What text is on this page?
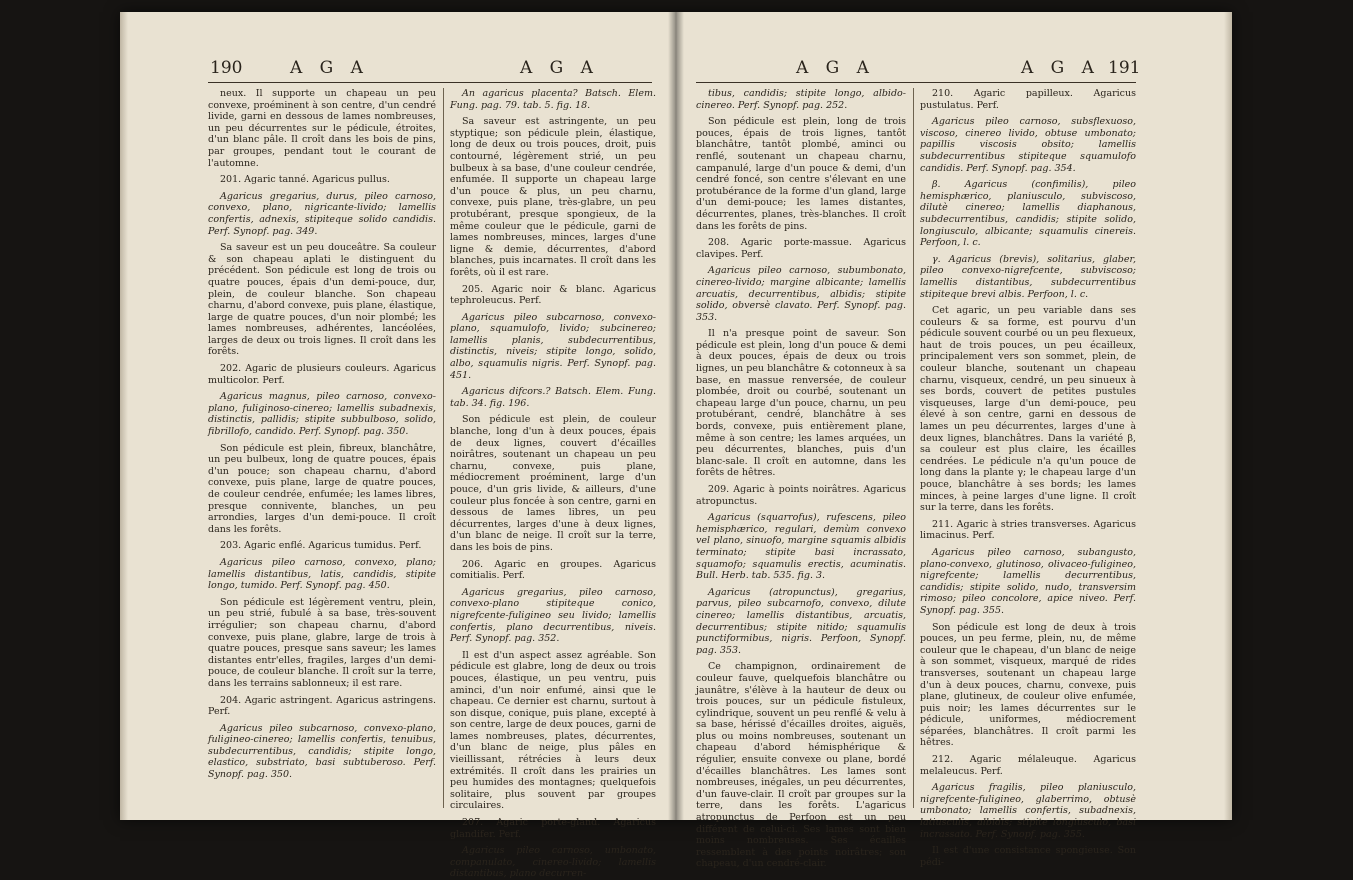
190	A G A	A G A

neux. Il supporte un chapeau un peu convexe, proéminent à son centre, d'un cendré livide, garni en dessous de lames nombreuses, un peu décurrentes sur le pédicule, étroites, d'un blanc pâle. Il croît dans les bois de pins, par groupes, pendant tout le courant de l'automne.

201. Agaric tanné. Agaricus pullus.

Agaricus gregarius, durus, pileo carnoso, convexo, plano, nigricante-livido; lamellis confertis, adnexis, stipiteque solido candidis. Perf. Synopf. pag. 349.

Sa saveur est un peu douceâtre. Sa couleur & son chapeau aplati le distinguent du précédent. Son pédicule est long de trois ou quatre pouces, épais d'un demi-pouce, dur, plein, de couleur blanche. Son chapeau charnu, d'abord convexe, puis plane, élastique, large de quatre pouces, d'un noir plombé; les lames nombreuses, adhérentes, lancéolées, larges de deux ou trois lignes. Il croît dans les forêts.

202. Agaric de plusieurs couleurs. Agaricus multicolor. Perf.

Agaricus magnus, pileo carnoso, convexo-plano, fuliginoso-cinereo; lamellis subadnexis, distinctis, pallidis; stipite subbulboso, solido, fibrillofo, candido. Perf. Synopf. pag. 350.

Son pédicule est plein, fibreux, blanchâtre, un peu bulbeux, long de quatre pouces, épais d'un pouce; son chapeau charnu, d'abord convexe, puis plane, large de quatre pouces, de couleur cendrée, enfumée; les lames libres, presque connivente, blanches, un peu arrondies, larges d'un demi-pouce. Il croît dans les forêts.

203. Agaric enflé. Agaricus tumidus. Perf.

Agaricus pileo carnoso, convexo, plano; lamellis distantibus, latis, candidis, stipite longo, tumido. Perf. Synopf. pag. 450.

Son pédicule est légèrement ventru, plein, un peu strié, fubulé à sa base, très-souvent irrégulier; son chapeau charnu, d'abord convexe, puis plane, glabre, large de trois à quatre pouces, presque sans saveur; les lames distantes entr'elles, fragiles, larges d'un demi-pouce, de couleur blanche. Il croît sur la terre, dans les terrains sablonneux; il est rare.

204. Agaric astringent. Agaricus astringens. Perf.

Agaricus pileo subcarnoso, convexo-plano, fuligineo-cinereo; lamellis confertis, tenuibus, subdecurrentibus, candidis; stipite longo, elastico, substriato, basi subtuberoso. Perf. Synopf. pag. 350.

An agaricus placenta? Batsch. Elem. Fung. pag. 79. tab. 5. fig. 18.

Sa saveur est astringente, un peu styptique; son pédicule plein, élastique, long de deux ou trois pouces, droit, puis contourné, légèrement strié, un peu bulbeux à sa base, d'une couleur cendrée, enfumée. Il supporte un chapeau large d'un pouce & plus, un peu charnu, convexe, puis plane, très-glabre, un peu protubérant, presque spongieux, de la même couleur que le pédicule, garni de lames nombreuses, minces, larges d'une ligne & demie, décurrentes, d'abord blanches, puis incarnates. Il croît dans les forêts, où il est rare.

205. Agaric noir & blanc. Agaricus tephroleucus. Perf.

Agaricus pileo subcarnoso, convexo-plano, squamulofo, livido; subcinereo; lamellis planis, subdecurrentibus, distinctis, niveis; stipite longo, solido, albo, squamulis nigris. Perf. Synopf. pag. 451.

Agaricus difcors.? Batsch. Elem. Fung. tab. 34. fig. 196.

Son pédicule est plein, de couleur blanche, long d'un à deux pouces, épais de deux lignes, couvert d'écailles noirâtres, soutenant un chapeau un peu charnu, convexe, puis plane, médiocrement proéminent, large d'un pouce, d'un gris livide, & ailleurs, d'une couleur plus foncée à son centre, garni en dessous de lames libres, un peu décurrentes, larges d'une à deux lignes, d'un blanc de neige. Il croît sur la terre, dans les bois de pins.

206. Agaric en groupes. Agaricus comitialis. Perf.

Agaricus gregarius, pileo carnoso, convexo-plano stipiteque conico, nigrefcente-fuligineo seu livido; lamellis confertis, plano decurrentibus, niveis. Perf. Synopf. pag. 352.

Il est d'un aspect assez agréable. Son pédicule est glabre, long de deux ou trois pouces, élastique, un peu ventru, puis aminci, d'un noir enfumé, ainsi que le chapeau. Ce dernier est charnu, surtout à son disque, conique, puis plane, excepté à son centre, large de deux pouces, garni de lames nombreuses, plates, décurrentes, d'un blanc de neige, plus pâles en vieillissant, rétrécies à leurs deux extrémités. Il croît dans les prairies un peu humides des montagnes; quelquefois solitaire, plus souvent par groupes circulaires.

207. Agaric porte-gland. Agaricus glandifer. Perf.

Agaricus pileo carnoso, umbonato, companulato, cinereo-livido; lamellis distantibus, plano decurren-

A G A	A G A 191

tibus, candidis; stipite longo, albido-cinereo. Perf. Synopf. pag. 252.

Son pédicule est plein, long de trois pouces, épais de trois lignes, tantôt blanchâtre, tantôt plombé, aminci ou renflé, soutenant un chapeau charnu, campanulé, large d'un pouce & demi, d'un cendré foncé, son centre s'élevant en une protubérance de la forme d'un gland, large d'un demi-pouce; les lames distantes, décurrentes, planes, très-blanches. Il croît dans les forêts de pins.

208. Agaric porte-massue. Agaricus clavipes. Perf.

Agaricus pileo carnoso, subumbonato, cinereo-livido; margine albicante; lamellis arcuatis, decurrentibus, albidis; stipite solido, obversè clavato. Perf. Synopf. pag. 353.

Il n'a presque point de saveur. Son pédicule est plein, long d'un pouce & demi à deux pouces, épais de deux ou trois lignes, un peu blanchâtre & cotonneux à sa base, en massue renversée, de couleur plombée, droit ou courbé, soutenant un chapeau large d'un pouce, charnu, un peu protubérant, cendré, blanchâtre à ses bords, convexe, puis entièrement plane, même à son centre; les lames arquées, un peu décurrentes, blanches, puis d'un blanc-sale. Il croît en automne, dans les forêts de hêtres.

209. Agaric à points noirâtres. Agaricus atropunctus.

Agaricus (squarrofus), rufescens, pileo hemisphærico, regulari, demùm convexo vel plano, sinuofo, margine squamis albidis terminato; stipite basi incrassato, squamofo; squamulis erectis, acuminatis. Bull. Herb. tab. 535. fig. 3.

Agaricus (atropunctus), gregarius, parvus, pileo subcarnofo, convexo, dilute cinereo; lamellis distantibus, arcuatis, decurrentibus; stipite nitido; squamulis punctiformibus, nigris. Perfoon, Synopf. pag. 353.

Ce champignon, ordinairement de couleur fauve, quelquefois blanchâtre ou jaunâtre, s'élève à la hauteur de deux ou trois pouces, sur un pédicule fistuleux, cylindrique, souvent un peu renflé & velu à sa base, hérissé d'écailles droites, aiguës, plus ou moins nombreuses, soutenant un chapeau d'abord hémisphérique & régulier, ensuite convexe ou plane, bordé d'écailles blanchâtres. Les lames sont nombreuses, inégales, un peu décurrentes, d'un fauve-clair. Il croît par groupes sur la terre, dans les forêts. L'agaricus atropunctus de Perfoon est un peu différent de celui-ci. Ses lames sont bien moins nombreuses. Ses écailles ressemblent à des points noirâtres; son chapeau, d'un cendré-clair.

210. Agaric papilleux. Agaricus pustulatus. Perf.

Agaricus pileo carnoso, subsflexuoso, viscoso, cinereo livido, obtuse umbonato; papillis viscosis obsito; lamellis subdecurrentibus stipiteque squamulofo candidis. Perf. Synopf. pag. 354.

β. Agaricus (confimilis), pileo hemisphærico, planiusculo, subviscoso, dilutè cinereo; lamellis diaphanous, subdecurrentibus, candidis; stipite solido, longiusculo, albicante; squamulis cinereis. Perfoon, l. c.

γ. Agaricus (brevis), solitarius, glaber, pileo convexo-nigrefcente, subviscoso; lamellis distantibus, subdecurrentibus stipiteque brevi albis. Perfoon, l. c.

Cet agaric, un peu variable dans ses couleurs & sa forme, est pourvu d'un pédicule souvent courbé ou un peu flexueux, haut de trois pouces, un peu écailleux, principalement vers son sommet, plein, de couleur blanche, soutenant un chapeau charnu, visqueux, cendré, un peu sinueux à ses bords, couvert de petites pustules visqueuses, large d'un demi-pouce, peu élevé à son centre, garni en dessous de lames un peu décurrentes, larges d'une à deux lignes, blanchâtres. Dans la variété β, sa couleur est plus claire, les écailles cendrées. Le pédicule n'a qu'un pouce de long dans la plante γ; le chapeau large d'un pouce, blanchâtre à ses bords; les lames minces, à peine larges d'une ligne. Il croît sur la terre, dans les forêts.

211. Agaric à stries transverses. Agaricus limacinus. Perf.

Agaricus pileo carnoso, subangusto, plano-convexo, glutinoso, olivaceo-fuligineo, nigrefcente; lamellis decurrentibus, candidis; stipite solido, nudo, transversim rimoso; pileo concolore, apice niveo. Perf. Synopf. pag. 355.

Son pédicule est long de deux à trois pouces, un peu ferme, plein, nu, de même couleur que le chapeau, d'un blanc de neige à son sommet, visqueux, marqué de rides transverses, soutenant un chapeau large d'un à deux pouces, charnu, convexe, puis plane, glutineux, de couleur olive enfumée, puis noir; les lames décurrentes sur le pédicule, uniformes, médiocrement séparées, blanchâtres. Il croît parmi les hêtres.

212. Agaric mélaleuque. Agaricus melaleucus. Perf.

Agaricus fragilis, pileo planiusculo, nigrefcente-fuligineo, glaberrimo, obtusè umbonato; lamellis confertis, subadnexis, latiusculis, albidis; stipite longiusculo, basi incrassato. Perf. Synopf. pag. 355.

Il est d'une consistance spongieuse. Son pédi-
